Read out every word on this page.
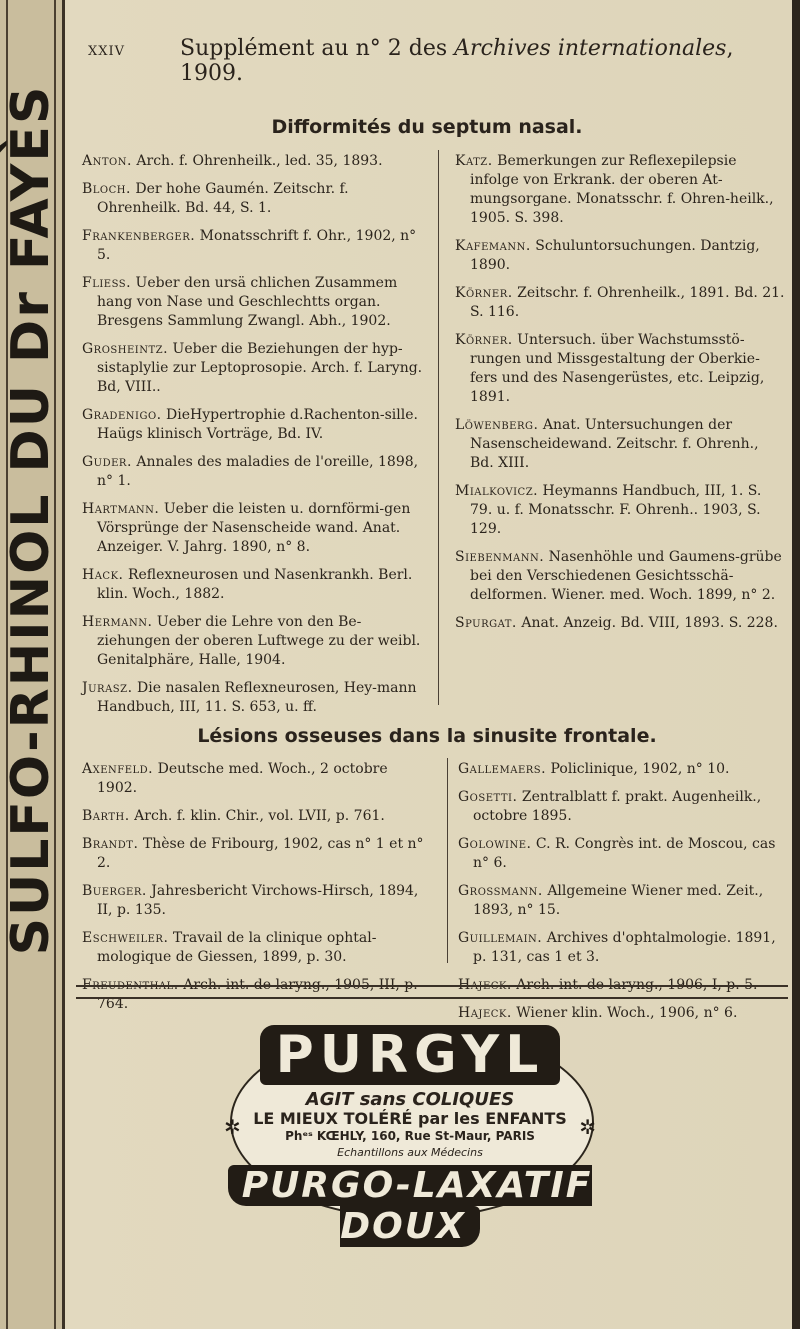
SULFO-RHINOL DU Dr FAYÈS
XXIV Supplément au n° 2 des Archives internationales, 1909.
Difformités du septum nasal.
Anton. Arch. f. Ohrenheilk., led. 35, 1893.
Bloch. Der hohe Gaumén. Zeitschr. f. Ohrenheilk. Bd. 44, S. 1.
Frankenberger. Monatsschrift f. Ohr., 1902, n° 5.
Fliess. Ueber den ursä chlichen Zusammem hang von Nase und Geschlechtts organ. Bresgens Sammlung Zwangl. Abh., 1902.
Grosheintz. Ueber die Beziehungen der hyp-sistaplylie zur Leptoprosopie. Arch. f. Laryng. Bd, VIII..
Gradenigo. DieHypertrophie d.Rachenton-sille. Haügs klinisch Vorträge, Bd. IV.
Guder. Annales des maladies de l'oreille, 1898, n° 1.
Hartmann. Ueber die leisten u. dornförmi-gen Vörsprünge der Nasenscheide wand. Anat. Anzeiger. V. Jahrg. 1890, n° 8.
Hack. Reflexneurosen und Nasenkrankh. Berl. klin. Woch., 1882.
Hermann. Ueber die Lehre von den Be-ziehungen der oberen Luftwege zu der weibl. Genitalphäre, Halle, 1904.
Jurasz. Die nasalen Reflexneurosen, Hey-mann Handbuch, III, 11. S. 653, u. ff.
Katz. Bemerkungen zur Reflexepilepsie infolge von Erkrank. der oberen At-mungsorgane. Monatsschr. f. Ohren-heilk., 1905. S. 398.
Kafemann. Schuluntorsuchungen. Dantzig, 1890.
Körner. Zeitschr. f. Ohrenheilk., 1891. Bd. 21. S. 116.
Körner. Untersuch. über Wachstumsstö-rungen und Missgestaltung der Oberkie-fers und des Nasengerüstes, etc. Leipzig, 1891.
Löwenberg. Anat. Untersuchungen der Nasenscheidewand. Zeitschr. f. Ohrenh., Bd. XIII.
Mialkovicz. Heymanns Handbuch, III, 1. S. 79. u. f. Monatsschr. F. Ohrenh.. 1903, S. 129.
Siebenmann. Nasenhöhle und Gaumens-grübe bei den Verschiedenen Gesichtsschä-delformen. Wiener. med. Woch. 1899, n° 2.
Spurgat. Anat. Anzeig. Bd. VIII, 1893. S. 228.
Lésions osseuses dans la sinusite frontale.
Axenfeld. Deutsche med. Woch., 2 octobre 1902.
Barth. Arch. f. klin. Chir., vol. LVII, p. 761.
Brandt. Thèse de Fribourg, 1902, cas n° 1 et n° 2.
Buerger. Jahresbericht Virchows-Hirsch, 1894, II, p. 135.
Eschweiler. Travail de la clinique ophtal-mologique de Giessen, 1899, p. 30.
Freudenthal. Arch. int. de laryng., 1905, III, p. 764.
Gallemaers. Policlinique, 1902, n° 10.
Gosetti. Zentralblatt f. prakt. Augenheilk., octobre 1895.
Golowine. C. R. Congrès int. de Moscou, cas n° 6.
Grossmann. Allgemeine Wiener med. Zeit., 1893, n° 15.
Guillemain. Archives d'ophtalmologie. 1891, p. 131, cas 1 et 3.
Hajeck. Arch. int. de laryng., 1906, I, p. 5.
Hajeck. Wiener klin. Woch., 1906, n° 6.
PURGYL
AGIT sans COLIQUES
LE MIEUX TOLÉRÉ par les ENFANTS
Phᵉˢ KŒHLY, 160, Rue St-Maur, PARIS
Echantillons aux Médecins
✲	✲
PURGO-LAXATIF DOUX
